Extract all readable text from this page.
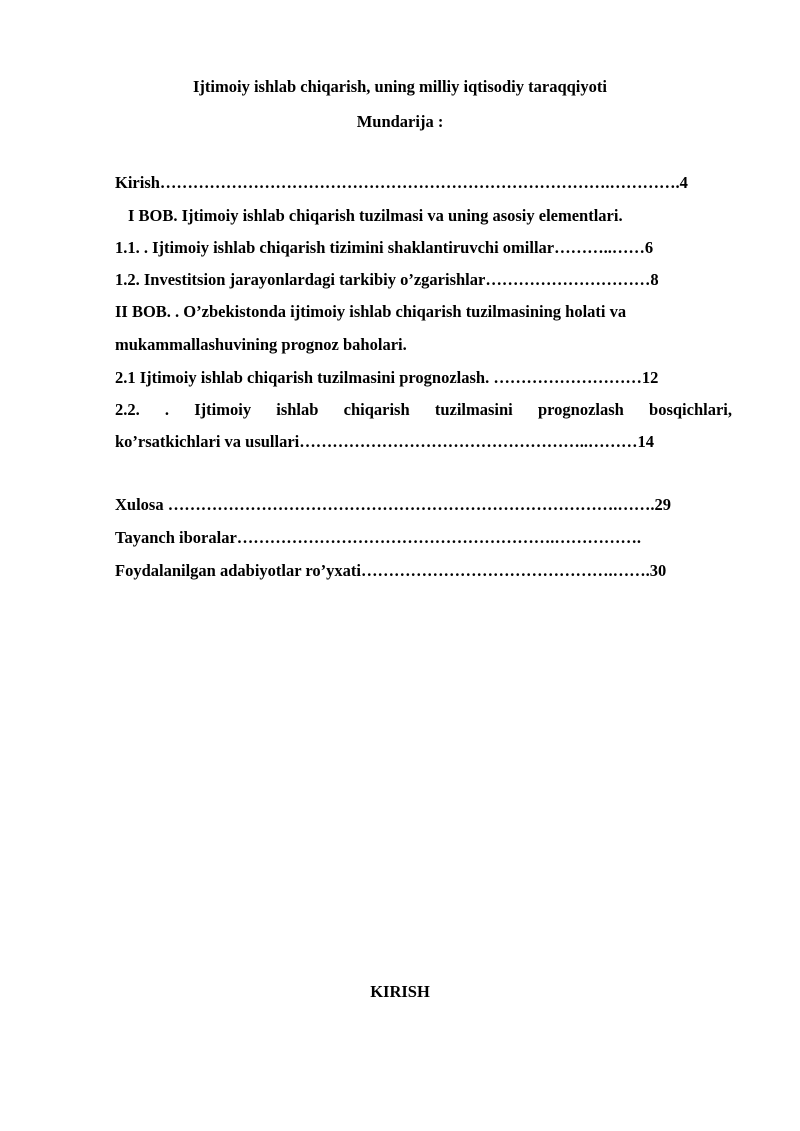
Ijtimoiy ishlab chiqarish, uning milliy iqtisodiy taraqqiyoti
Mundarija :
Kirish……………………………………………………………………….………….4
I BOB. Ijtimoiy ishlab chiqarish tuzilmasi va uning asosiy elementlari.
1.1. . Ijtimoiy ishlab chiqarish tizimini shaklantiruvchi omillar………..……6
1.2. Investitsion jarayonlardagi tarkibiy o’zgarishlar…………………………8
II BOB. . O’zbekistonda ijtimoiy ishlab chiqarish tuzilmasining holati va
mukammallashuvining prognoz baholari.
2.1 Ijtimoiy ishlab chiqarish tuzilmasini prognozlash. ………………………12
2.2. . Ijtimoiy ishlab chiqarish tuzilmasini prognozlash bosqichlari,
ko’rsatkichlari va usullari……………………………………………..………14
Xulosa ……………………………………………………………………….…….29
Tayanch iboralar………………………………………………….…………….
Foydalanilgan adabiyotlar ro’yxati……………………………………….…….30
KIRISH
